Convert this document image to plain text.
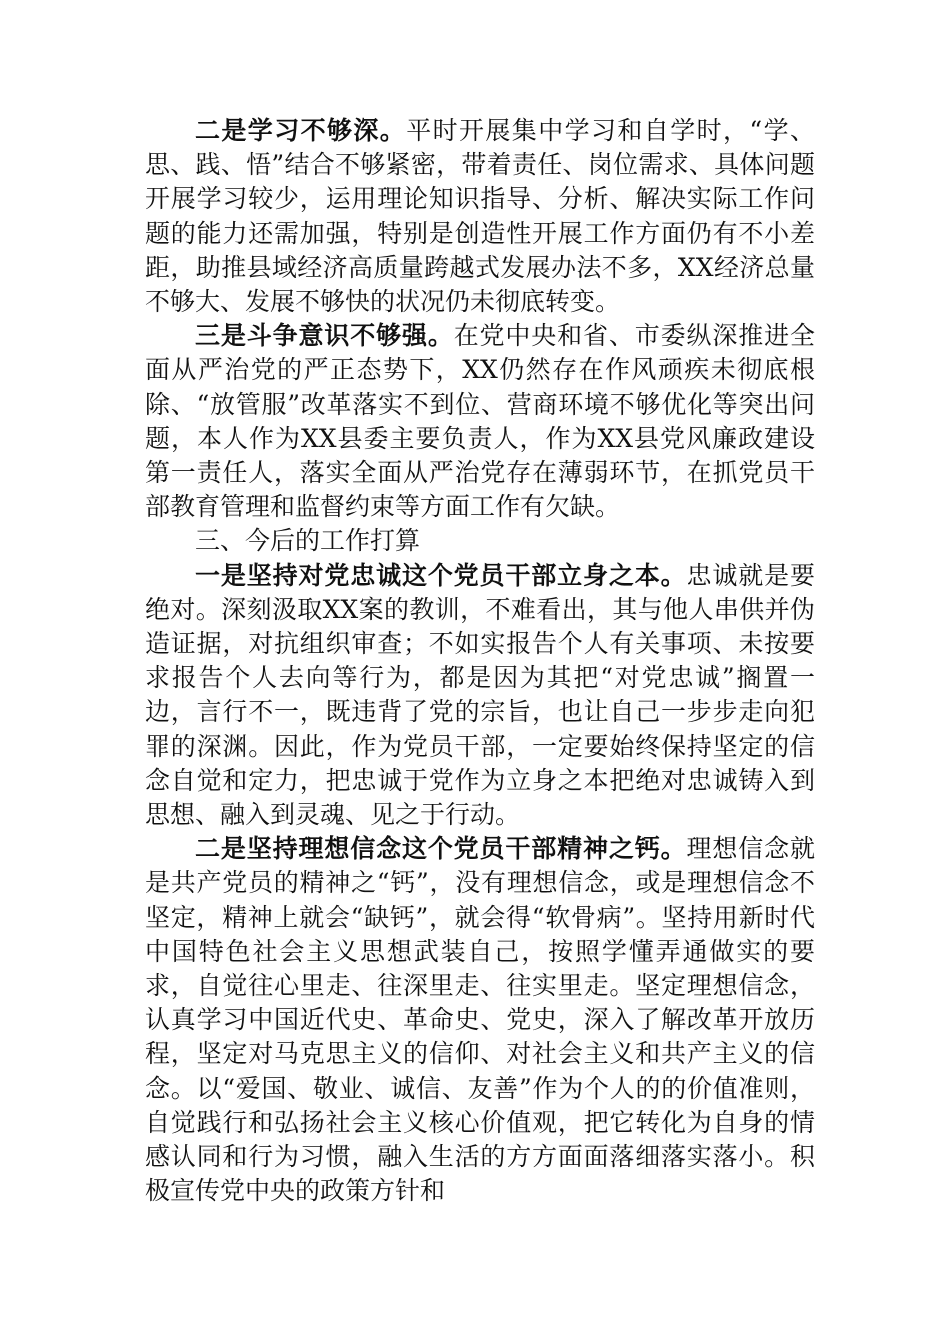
二是学习不够深。平时开展集中学习和自学时，“学、思、践、悟”结合不够紧密，带着责任、岗位需求、具体问题开展学习较少，运用理论知识指导、分析、解决实际工作问题的能力还需加强，特别是创造性开展工作方面仍有不小差距，助推县域经济高质量跨越式发展办法不多，XX经济总量不够大、发展不够快的状况仍未彻底转变。

三是斗争意识不够强。在党中央和省、市委纵深推进全面从严治党的严正态势下，XX仍然存在作风顽疾未彻底根除、“放管服”改革落实不到位、营商环境不够优化等突出问题，本人作为XX县委主要负责人，作为XX县党风廉政建设第一责任人，落实全面从严治党存在薄弱环节，在抓党员干部教育管理和监督约束等方面工作有欠缺。

三、今后的工作打算

一是坚持对党忠诚这个党员干部立身之本。忠诚就是要绝对。深刻汲取XX案的教训，不难看出，其与他人串供并伪造证据，对抗组织审查；不如实报告个人有关事项、未按要求报告个人去向等行为，都是因为其把“对党忠诚”搁置一边，言行不一，既违背了党的宗旨，也让自己一步步走向犯罪的深渊。因此，作为党员干部，一定要始终保持坚定的信念自觉和定力，把忠诚于党作为立身之本把绝对忠诚铸入到思想、融入到灵魂、见之于行动。

二是坚持理想信念这个党员干部精神之钙。理想信念就是共产党员的精神之“钙”，没有理想信念，或是理想信念不坚定，精神上就会“缺钙”，就会得“软骨病”。坚持用新时代中国特色社会主义思想武装自己，按照学懂弄通做实的要求，自觉往心里走、往深里走、往实里走。坚定理想信念，认真学习中国近代史、革命史、党史，深入了解改革开放历程，坚定对马克思主义的信仰、对社会主义和共产主义的信念。以“爱国、敬业、诚信、友善”作为个人的的价值准则，自觉践行和弘扬社会主义核心价值观，把它转化为自身的情感认同和行为习惯，融入生活的方方面面落细落实落小。积极宣传党中央的政策方针和
